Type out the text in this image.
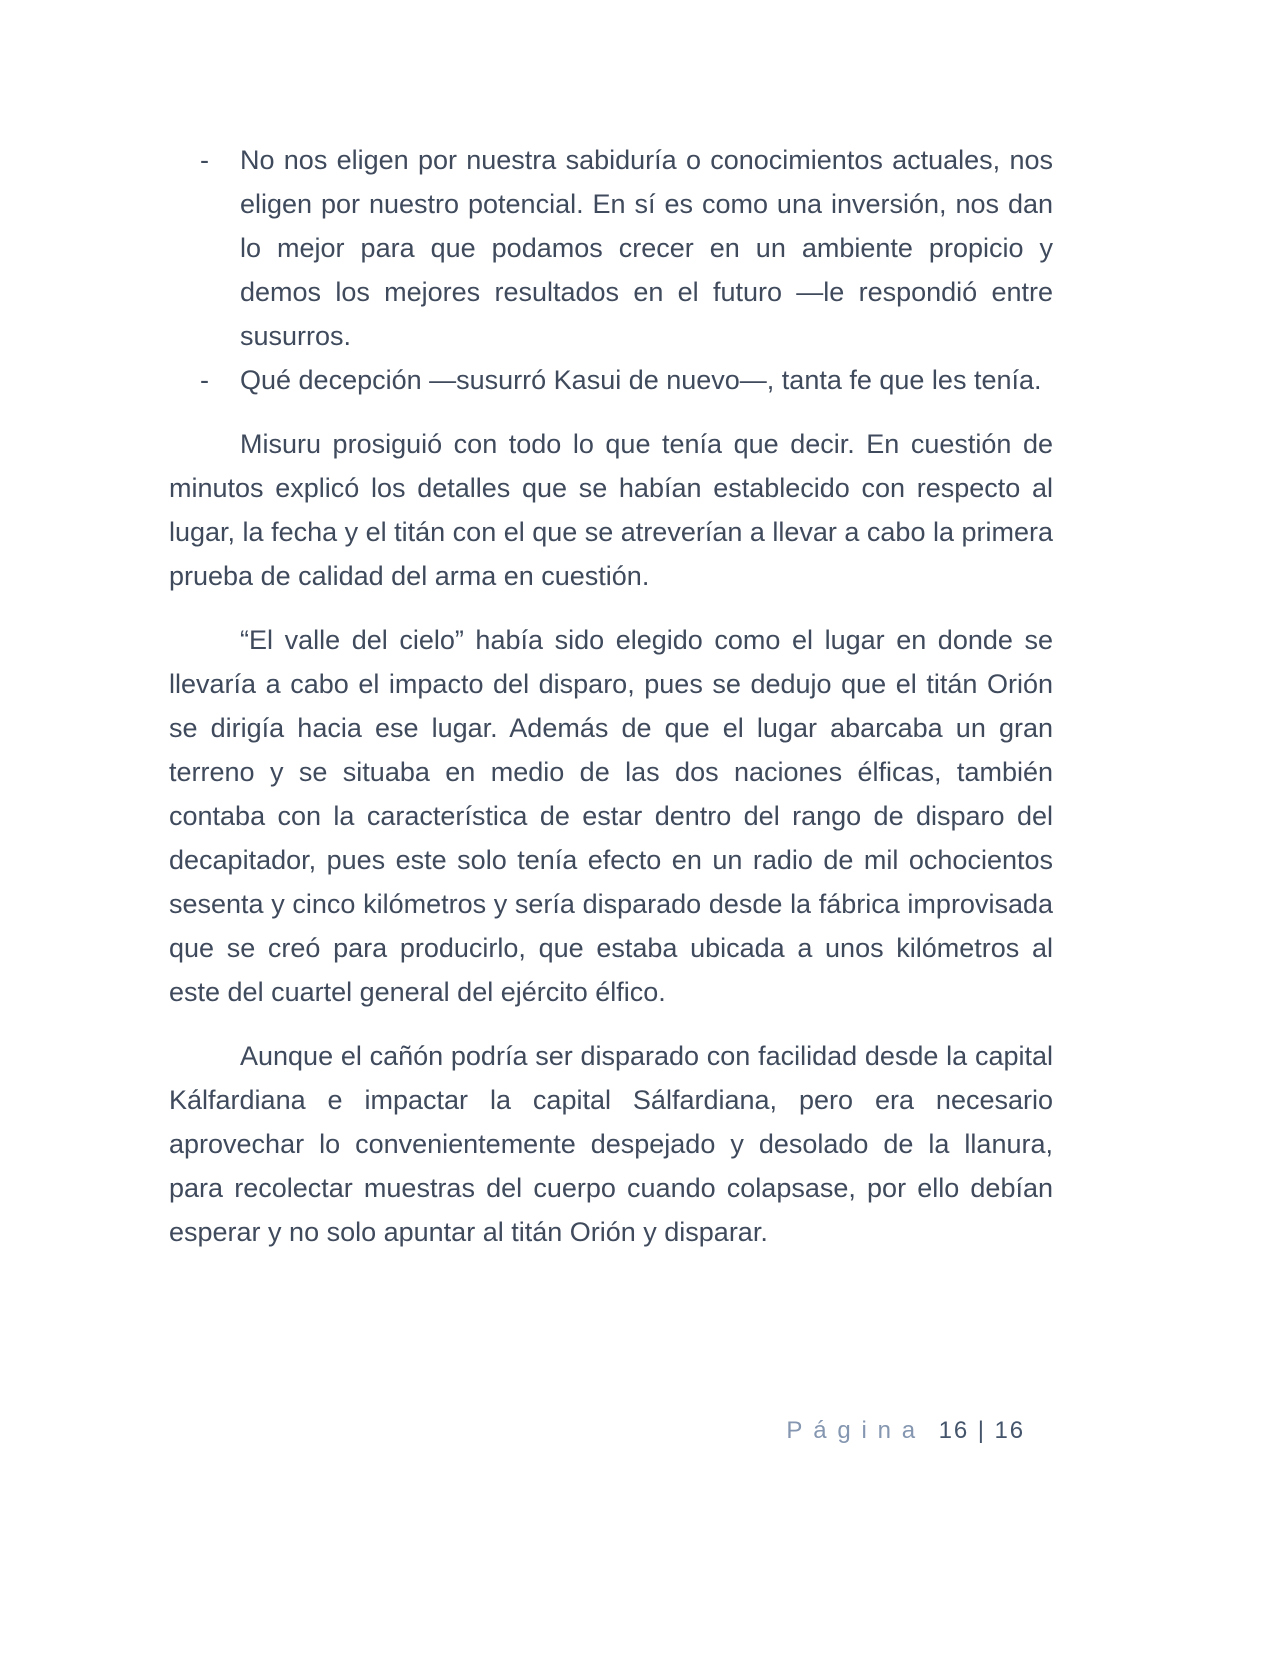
- No nos eligen por nuestra sabiduría o conocimientos actuales, nos eligen por nuestro potencial. En sí es como una inversión, nos dan lo mejor para que podamos crecer en un ambiente propicio y demos los mejores resultados en el futuro —le respondió entre susurros.
- Qué decepción —susurró Kasui de nuevo—, tanta fe que les tenía.

Misuru prosiguió con todo lo que tenía que decir. En cuestión de minutos explicó los detalles que se habían establecido con respecto al lugar, la fecha y el titán con el que se atreverían a llevar a cabo la primera prueba de calidad del arma en cuestión.

“El valle del cielo” había sido elegido como el lugar en donde se llevaría a cabo el impacto del disparo, pues se dedujo que el titán Orión se dirigía hacia ese lugar. Además de que el lugar abarcaba un gran terreno y se situaba en medio de las dos naciones élficas, también contaba con la característica de estar dentro del rango de disparo del decapitador, pues este solo tenía efecto en un radio de mil ochocientos sesenta y cinco kilómetros y sería disparado desde la fábrica improvisada que se creó para producirlo, que estaba ubicada a unos kilómetros al este del cuartel general del ejército élfico.

Aunque el cañón podría ser disparado con facilidad desde la capital Kálfardiana e impactar la capital Sálfardiana, pero era necesario aprovechar lo convenientemente despejado y desolado de la llanura, para recolectar muestras del cuerpo cuando colapsase, por ello debían esperar y no solo apuntar al titán Orión y disparar.

Página 16 | 16
